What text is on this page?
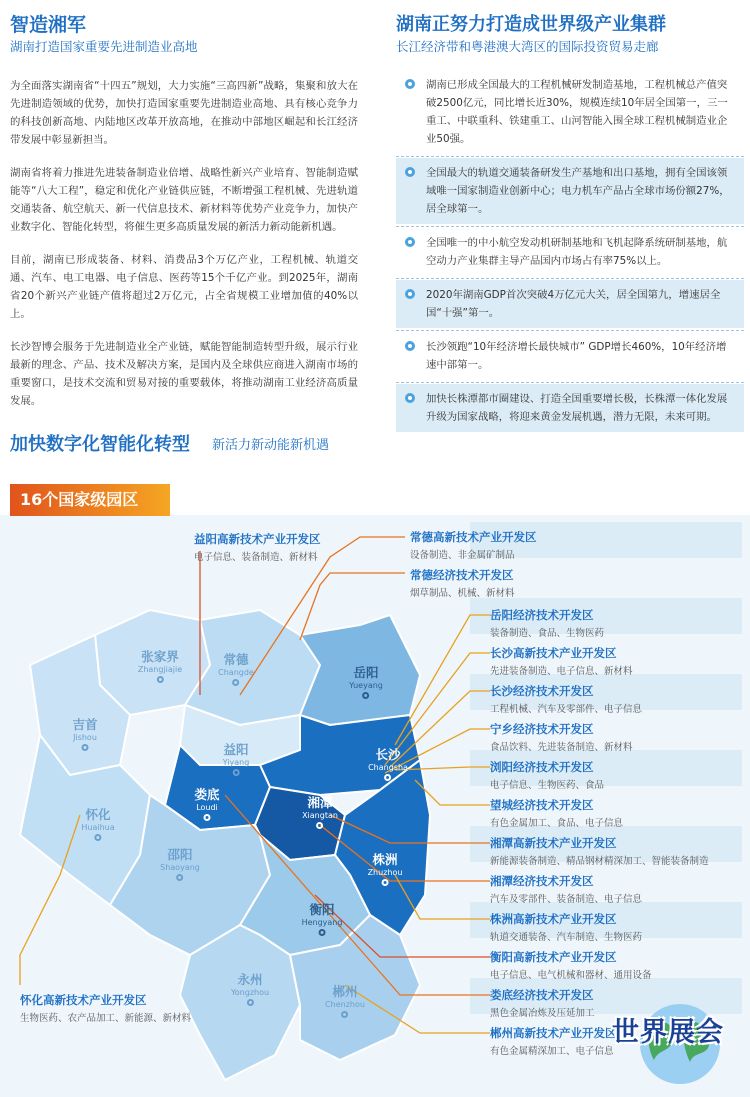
智造湘军
湖南打造国家重要先进制造业高地

为全面落实湖南省“十四五”规划，大力实施“三高四新”战略，集聚和放大在先进制造领域的优势，加快打造国家重要先进制造业高地、具有核心竞争力的科技创新高地、内陆地区改革开放高地，在推动中部地区崛起和长江经济带发展中彰显新担当。

湖南省将着力推进先进装备制造业倍增、战略性新兴产业培育、智能制造赋能等“八大工程”，稳定和优化产业链供应链，不断增强工程机械、先进轨道交通装备、航空航天、新一代信息技术、新材料等优势产业竞争力，加快产业数字化、智能化转型，将催生更多高质量发展的新活力新动能新机遇。

目前，湖南已形成装备、材料、消费品3个万亿产业，工程机械、轨道交通、汽车、电工电器、电子信息、医药等15个千亿产业。到2025年，湖南省20个新兴产业链产值将超过2万亿元，占全省规模工业增加值的40%以上。

长沙智博会服务于先进制造业全产业链，赋能智能制造转型升级，展示行业最新的理念、产品、技术及解决方案，是国内及全球供应商进入湖南市场的重要窗口，是技术交流和贸易对接的重要载体，将推动湖南工业经济高质量发展。

湖南正努力打造成世界级产业集群
长江经济带和粤港澳大湾区的国际投资贸易走廊
湖南已形成全国最大的工程机械研发制造基地，工程机械总产值突破2500亿元，同比增长近30%，规模连续10年居全国第一，三一重工、中联重科、铁建重工、山河智能入围全球工程机械制造业企业50强。
全国最大的轨道交通装备研发生产基地和出口基地，拥有全国该领域唯一国家制造业创新中心；电力机车产品占全球市场份额27%，居全球第一。
全国唯一的中小航空发动机研制基地和飞机起降系统研制基地，航空动力产业集群主导产品国内市场占有率75%以上。
2020年湖南GDP首次突破4万亿元大关，居全国第九，增速居全国“十强”第一。
长沙领跑“10年经济增长最快城市” GDP增长460%，10年经济增速中部第一。
加快长株潭都市圈建设、打造全国重要增长极，长株潭一体化发展升级为国家战略，将迎来黄金发展机遇，潜力无限，未来可期。
加快数字化智能化转型 新活力新动能新机遇
16个国家级园区
张家界
Zhangjiajie
常德
Changde	岳阳
Yueyang
吉首
Jishou
益阳
Yiyang
长沙
Changsha
怀化
Huaihua
娄底
Loudi	湘潭
Xiangtan
株洲
Zhuzhou
邵阳
Shaoyang
衡阳
Hengyang
永州
Yongzhou	郴州
Chenzhou
益阳高新技术产业开发区
电子信息、装备制造、新材料
怀化高新技术产业开发区
生物医药、农产品加工、新能源、新材料
常德高新技术产业开发区
设备制造、非金属矿制品
常德经济技术开发区
烟草制品、机械、新材料
岳阳经济技术开发区
装备制造、食品、生物医药
长沙高新技术产业开发区
先进装备制造、电子信息、新材料
长沙经济技术开发区
工程机械、汽车及零部件、电子信息
宁乡经济技术开发区
食品饮料、先进装备制造、新材料
浏阳经济技术开发区
电子信息、生物医药、食品
望城经济技术开发区
有色金属加工、食品、电子信息
湘潭高新技术产业开发区
新能源装备制造、精品钢材精深加工、智能装备制造
湘潭经济技术开发区
汽车及零部件、装备制造、电子信息
株洲高新技术产业开发区
轨道交通装备、汽车制造、生物医药
衡阳高新技术产业开发区
电子信息、电气机械和器材、通用设备
娄底经济技术开发区
黑色金属冶炼及压延加工
郴州高新技术产业开发区
有色金属精深加工、电子信息
世界展会
